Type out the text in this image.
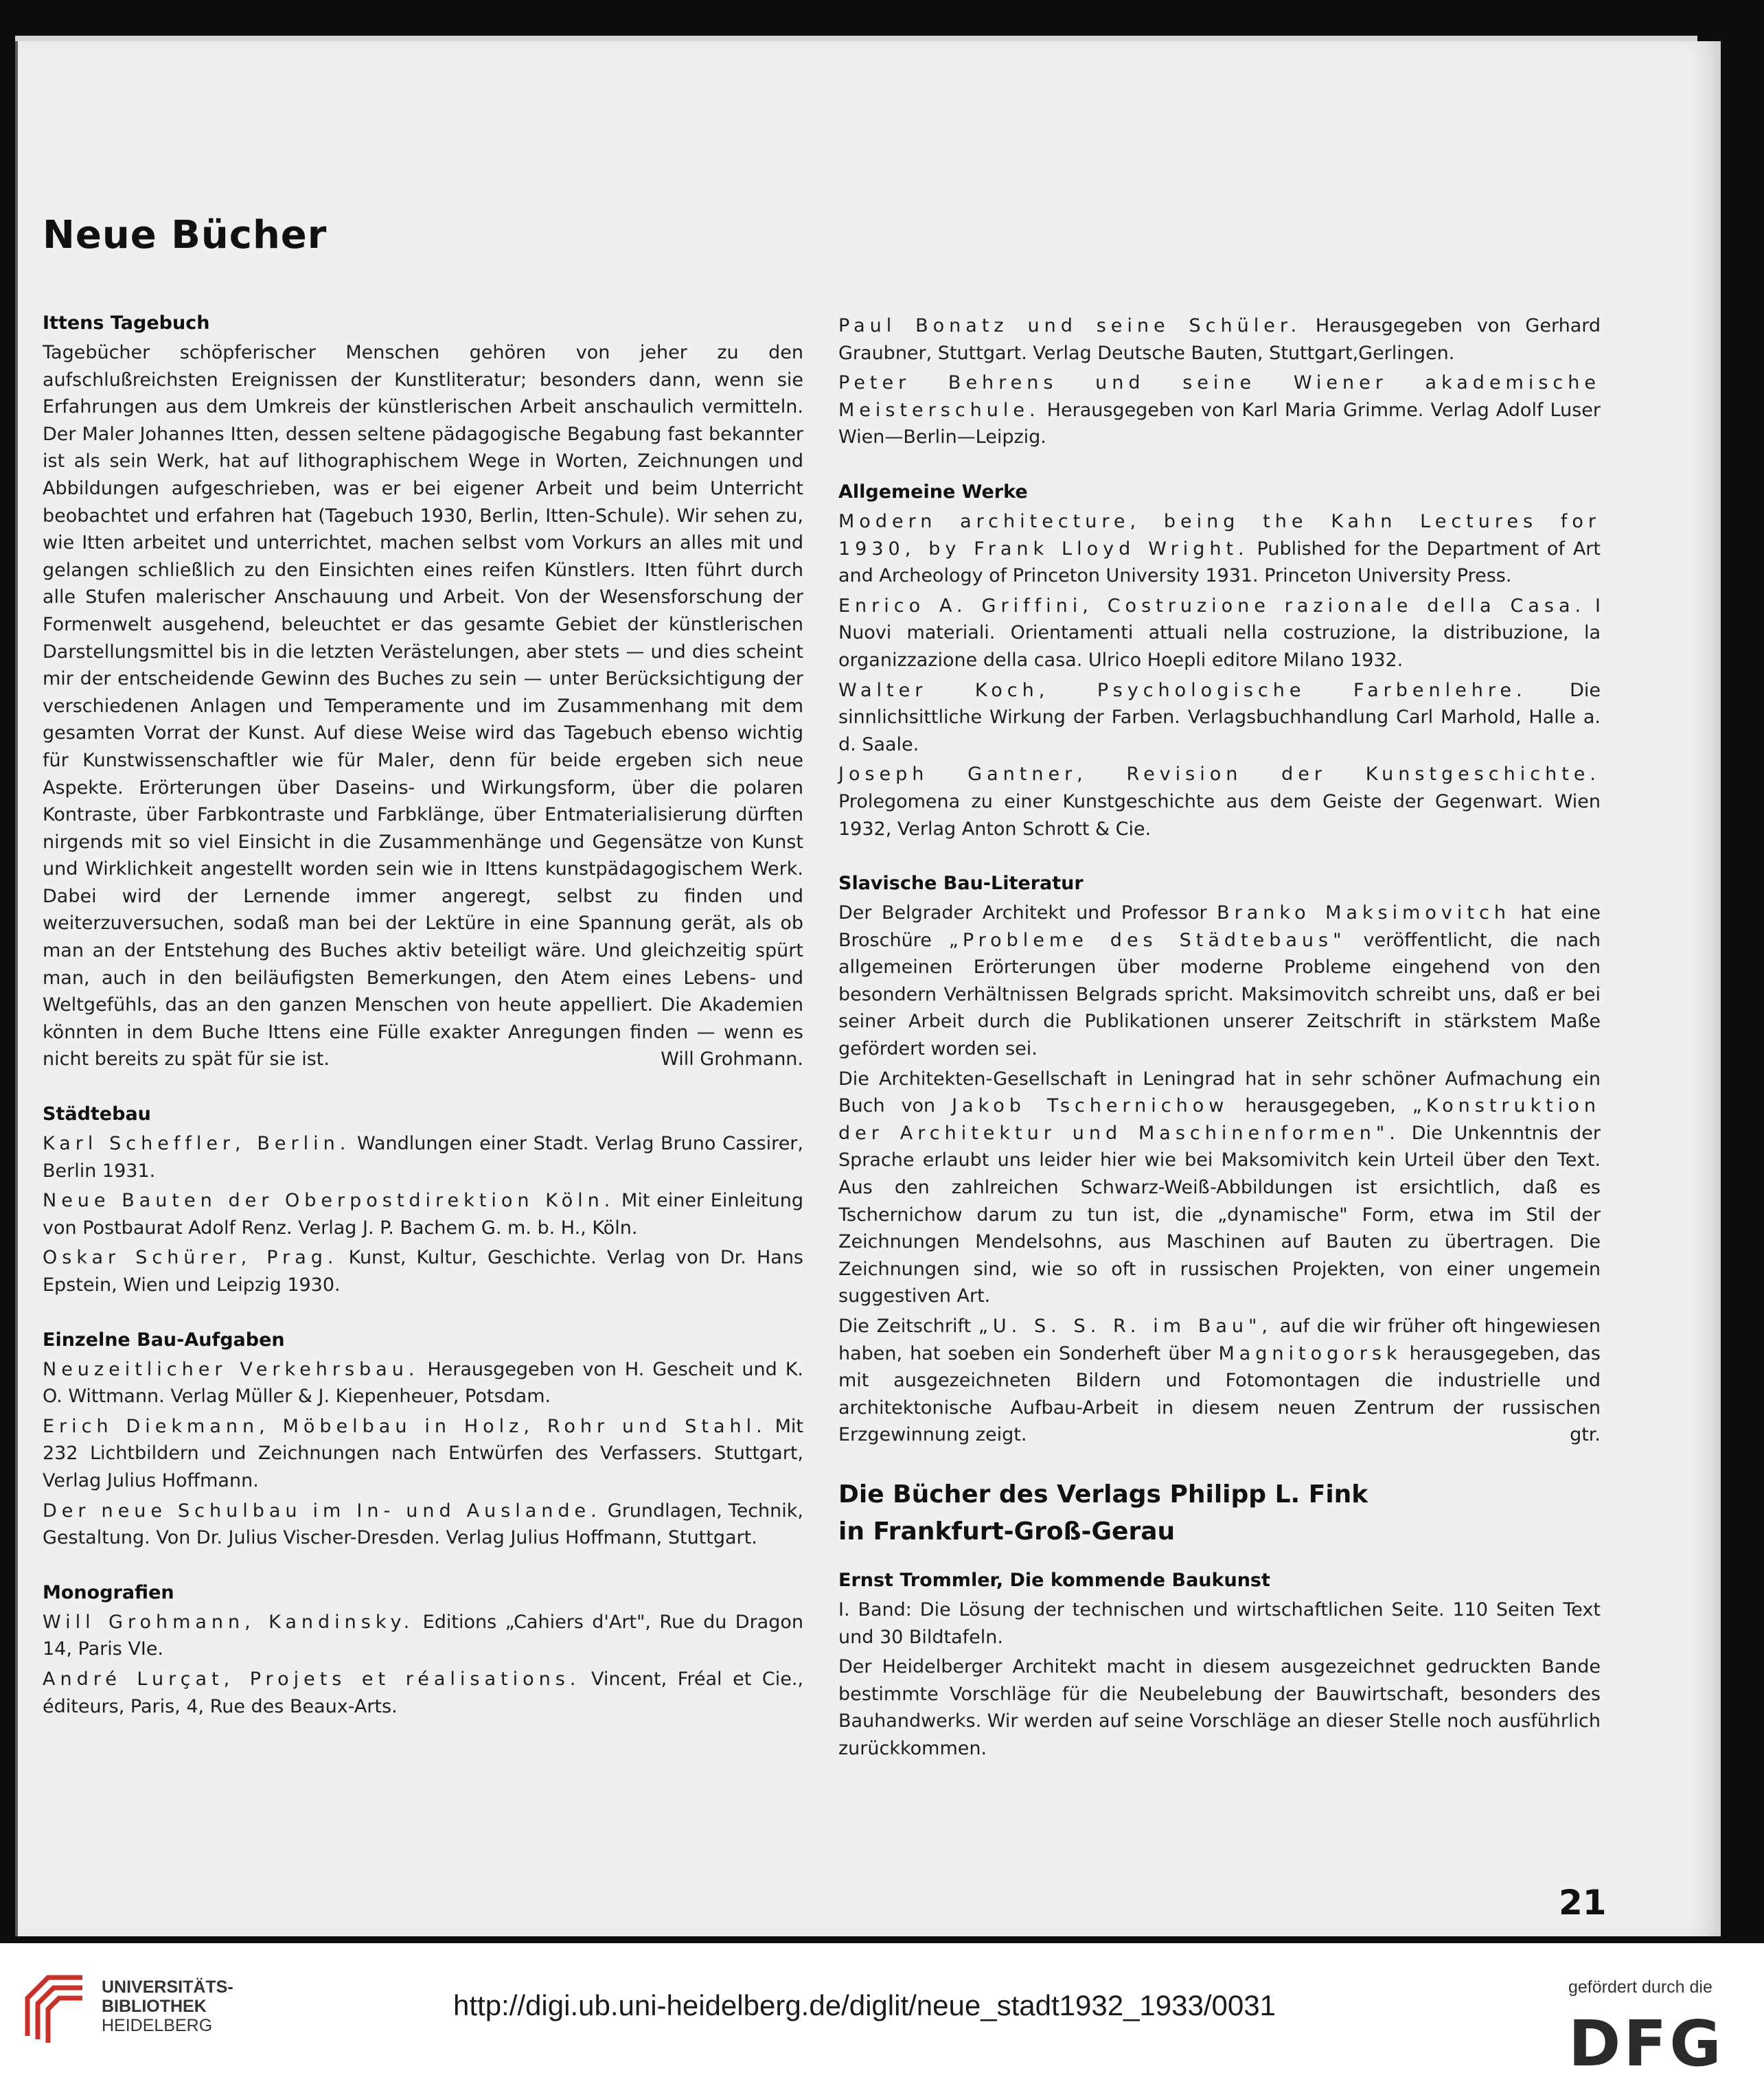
Neue Bücher
Ittens Tagebuch

Tagebücher schöpferischer Menschen gehören von jeher zu den aufschlußreichsten Ereignissen der Kunstliteratur; besonders dann, wenn sie Erfahrungen aus dem Umkreis der künstlerischen Arbeit anschaulich vermitteln. Der Maler Johannes Itten, dessen seltene pädagogische Begabung fast bekannter ist als sein Werk, hat auf lithographischem Wege in Worten, Zeichnungen und Abbildungen aufgeschrieben, was er bei eigener Arbeit und beim Unterricht beobachtet und erfahren hat (Tagebuch 1930, Berlin, Itten-Schule). Wir sehen zu, wie Itten arbeitet und unterrichtet, machen selbst vom Vorkurs an alles mit und gelangen schließlich zu den Einsichten eines reifen Künstlers. Itten führt durch alle Stufen malerischer Anschauung und Arbeit. Von der Wesensforschung der Formenwelt ausgehend, beleuchtet er das gesamte Gebiet der künstlerischen Darstellungsmittel bis in die letzten Verästelungen, aber stets — und dies scheint mir der entscheidende Gewinn des Buches zu sein — unter Berücksichtigung der verschiedenen Anlagen und Temperamente und im Zusammenhang mit dem gesamten Vorrat der Kunst. Auf diese Weise wird das Tagebuch ebenso wichtig für Kunstwissenschaftler wie für Maler, denn für beide ergeben sich neue Aspekte. Erörterungen über Daseins- und Wirkungsform, über die polaren Kontraste, über Farbkontraste und Farbklänge, über Entmaterialisierung dürften nirgends mit so viel Einsicht in die Zusammenhänge und Gegensätze von Kunst und Wirklichkeit angestellt worden sein wie in Ittens kunstpädagogischem Werk. Dabei wird der Lernende immer angeregt, selbst zu finden und weiterzuversuchen, sodaß man bei der Lektüre in eine Spannung gerät, als ob man an der Entstehung des Buches aktiv beteiligt wäre. Und gleichzeitig spürt man, auch in den beiläufigsten Bemerkungen, den Atem eines Lebens- und Weltgefühls, das an den ganzen Menschen von heute appelliert. Die Akademien könnten in dem Buche Ittens eine Fülle exakter Anregungen finden — wenn es nicht bereits zu spät für sie ist.	Will Grohmann.

Städtebau

Karl Scheffler, Berlin. Wandlungen einer Stadt. Verlag Bruno Cassirer, Berlin 1931.

Neue Bauten der Oberpostdirektion Köln. Mit einer Einleitung von Postbaurat Adolf Renz. Verlag J. P. Bachem G. m. b. H., Köln.

Oskar Schürer, Prag. Kunst, Kultur, Geschichte. Verlag von Dr. Hans Epstein, Wien und Leipzig 1930.

Einzelne Bau-Aufgaben

Neuzeitlicher Verkehrsbau. Herausgegeben von H. Gescheit und K. O. Wittmann. Verlag Müller & J. Kiepenheuer, Potsdam.

Erich Diekmann, Möbelbau in Holz, Rohr und Stahl. Mit 232 Lichtbildern und Zeichnungen nach Entwürfen des Verfassers. Stuttgart, Verlag Julius Hoffmann.

Der neue Schulbau im In- und Auslande. Grundlagen, Technik, Gestaltung. Von Dr. Julius Vischer-Dresden. Verlag Julius Hoffmann, Stuttgart.

Monografien

Will Grohmann, Kandinsky. Editions „Cahiers d'Art", Rue du Dragon 14, Paris VIe.

André Lurçat, Projets et réalisations. Vincent, Fréal et Cie., éditeurs, Paris, 4, Rue des Beaux-Arts.

Paul Bonatz und seine Schüler. Herausgegeben von Gerhard Graubner, Stuttgart. Verlag Deutsche Bauten, Stuttgart,Gerlingen.

Peter Behrens und seine Wiener akademische Meisterschule. Herausgegeben von Karl Maria Grimme. Verlag Adolf Luser Wien—Berlin—Leipzig.

Allgemeine Werke

Modern architecture, being the Kahn Lectures for 1930, by Frank Lloyd Wright. Published for the Department of Art and Archeology of Princeton University 1931. Princeton University Press.

Enrico A. Griffini, Costruzione razionale della Casa. I Nuovi materiali. Orientamenti attuali nella costruzione, la distribuzione, la organizzazione della casa. Ulrico Hoepli editore Milano 1932.

Walter Koch, Psychologische Farbenlehre. Die sinnlichsittliche Wirkung der Farben. Verlagsbuchhandlung Carl Marhold, Halle a. d. Saale.

Joseph Gantner, Revision der Kunstgeschichte. Prolegomena zu einer Kunstgeschichte aus dem Geiste der Gegenwart. Wien 1932, Verlag Anton Schrott & Cie.

Slavische Bau-Literatur

Der Belgrader Architekt und Professor Branko Maksimovitch hat eine Broschüre „Probleme des Städtebaus" veröffentlicht, die nach allgemeinen Erörterungen über moderne Probleme eingehend von den besondern Verhältnissen Belgrads spricht. Maksimovitch schreibt uns, daß er bei seiner Arbeit durch die Publikationen unserer Zeitschrift in stärkstem Maße gefördert worden sei.

Die Architekten-Gesellschaft in Leningrad hat in sehr schöner Aufmachung ein Buch von Jakob Tschernichow herausgegeben, „Konstruktion der Architektur und Maschinenformen". Die Unkenntnis der Sprache erlaubt uns leider hier wie bei Maksomivitch kein Urteil über den Text. Aus den zahlreichen Schwarz-Weiß-Abbildungen ist ersichtlich, daß es Tschernichow darum zu tun ist, die „dynamische" Form, etwa im Stil der Zeichnungen Mendelsohns, aus Maschinen auf Bauten zu übertragen. Die Zeichnungen sind, wie so oft in russischen Projekten, von einer ungemein suggestiven Art.

Die Zeitschrift „U. S. S. R. im Bau", auf die wir früher oft hingewiesen haben, hat soeben ein Sonderheft über Magnitogorsk herausgegeben, das mit ausgezeichneten Bildern und Fotomontagen die industrielle und architektonische Aufbau-Arbeit in diesem neuen Zentrum der russischen Erzgewinnung zeigt.	gtr.

Die Bücher des Verlags Philipp L. Fink
in Frankfurt-Groß-Gerau
Ernst Trommler, Die kommende Baukunst

I. Band: Die Lösung der technischen und wirtschaftlichen Seite. 110 Seiten Text und 30 Bildtafeln.

Der Heidelberger Architekt macht in diesem ausgezeichnet gedruckten Bande bestimmte Vorschläge für die Neubelebung der Bauwirtschaft, besonders des Bauhandwerks. Wir werden auf seine Vorschläge an dieser Stelle noch ausführlich zurückkommen.

21
UNIVERSITÄTS-
BIBLIOTHEK
HEIDELBERG
http://digi.ub.uni-heidelberg.de/diglit/neue_stadt1932_1933/0031
gefördert durch die
DFG
